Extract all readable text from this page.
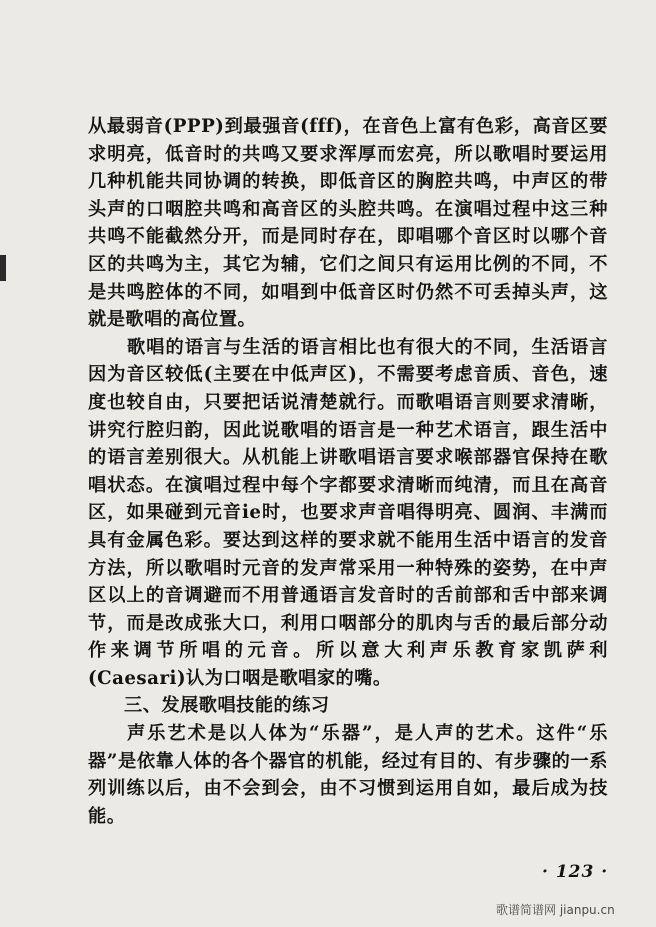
从最弱音(PPP)到最强音(fff)，在音色上富有色彩，高音区要求明亮，低音时的共鸣又要求浑厚而宏亮，所以歌唱时要运用几种机能共同协调的转换，即低音区的胸腔共鸣，中声区的带头声的口咽腔共鸣和高音区的头腔共鸣。在演唱过程中这三种共鸣不能截然分开，而是同时存在，即唱哪个音区时以哪个音区的共鸣为主，其它为辅，它们之间只有运用比例的不同，不是共鸣腔体的不同，如唱到中低音区时仍然不可丢掉头声，这就是歌唱的高位置。

歌唱的语言与生活的语言相比也有很大的不同，生活语言因为音区较低(主要在中低声区)，不需要考虑音质、音色，速度也较自由，只要把话说清楚就行。而歌唱语言则要求清晰，讲究行腔归韵，因此说歌唱的语言是一种艺术语言，跟生活中的语言差别很大。从机能上讲歌唱语言要求喉部器官保持在歌唱状态。在演唱过程中每个字都要求清晰而纯清，而且在高音区，如果碰到元音ie时，也要求声音唱得明亮、圆润、丰满而具有金属色彩。要达到这样的要求就不能用生活中语言的发音方法，所以歌唱时元音的发声常采用一种特殊的姿势，在中声区以上的音调避而不用普通语言发音时的舌前部和舌中部来调节，而是改成张大口，利用口咽部分的肌肉与舌的最后部分动作来调节所唱的元音。所以意大利声乐教育家凯萨利(Caesari)认为口咽是歌唱家的嘴。

三、发展歌唱技能的练习

声乐艺术是以人体为“乐器”，是人声的艺术。这件“乐器”是依靠人体的各个器官的机能，经过有目的、有步骤的一系列训练以后，由不会到会，由不习惯到运用自如，最后成为技能。

· 123 ·
歌谱简谱网 jianpu.cn
